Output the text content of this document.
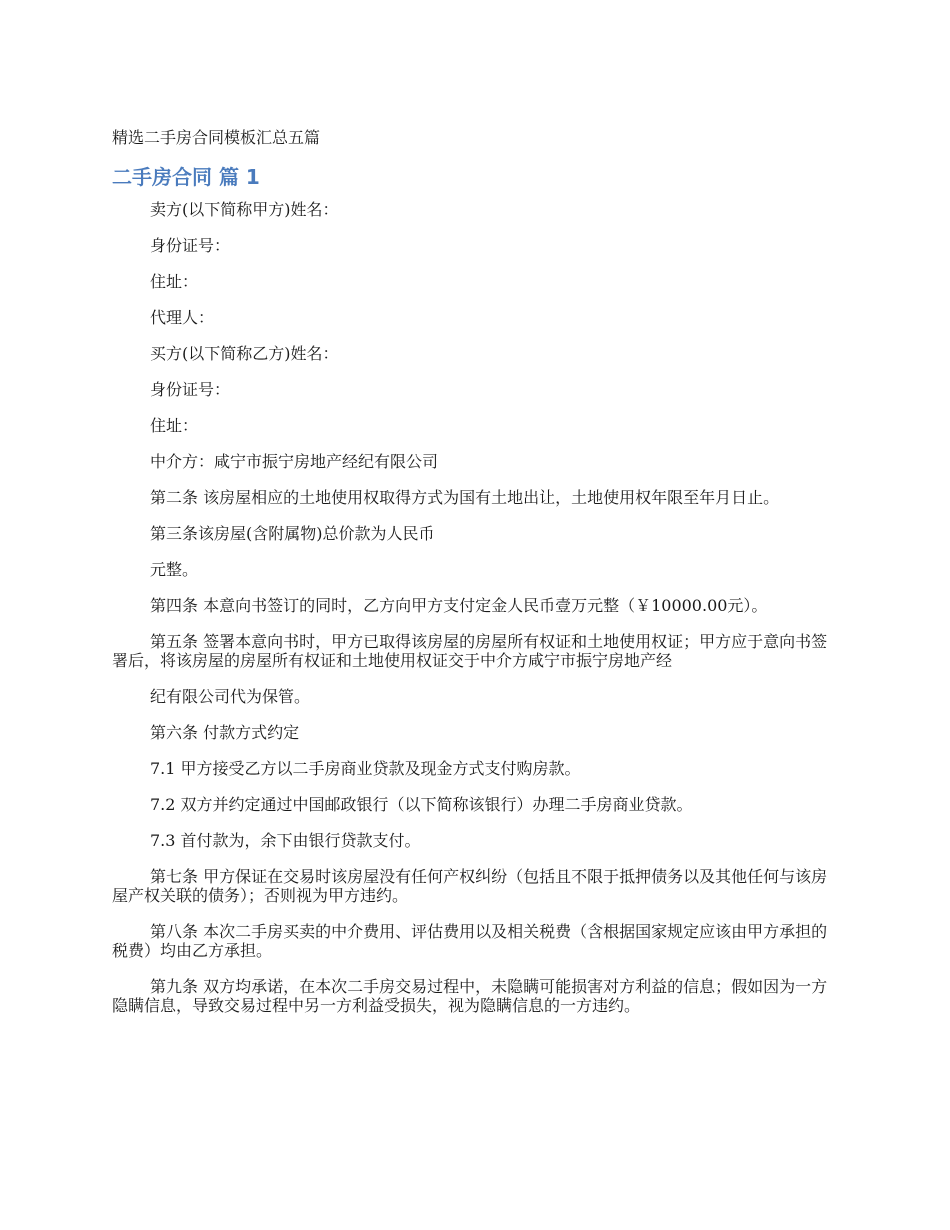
精选二手房合同模板汇总五篇
二手房合同 篇 1

卖方(以下简称甲方)姓名：

身份证号：

住址：

代理人：

买方(以下简称乙方)姓名：

身份证号：

住址：

中介方：咸宁市振宁房地产经纪有限公司

第二条 该房屋相应的土地使用权取得方式为国有土地出让，土地使用权年限至年月日止。

第三条该房屋(含附属物)总价款为人民币

元整。

第四条 本意向书签订的同时，乙方向甲方支付定金人民币壹万元整（￥10000.00元）。

第五条 签署本意向书时，甲方已取得该房屋的房屋所有权证和土地使用权证；甲方应于意向书签署后，将该房屋的房屋所有权证和土地使用权证交于中介方咸宁市振宁房地产经

纪有限公司代为保管。

第六条 付款方式约定

7.1 甲方接受乙方以二手房商业贷款及现金方式支付购房款。

7.2 双方并约定通过中国邮政银行（以下简称该银行）办理二手房商业贷款。

7.3 首付款为，余下由银行贷款支付。

第七条 甲方保证在交易时该房屋没有任何产权纠纷（包括且不限于抵押债务以及其他任何与该房屋产权关联的债务）；否则视为甲方违约。

第八条 本次二手房买卖的中介费用、评估费用以及相关税费（含根据国家规定应该由甲方承担的税费）均由乙方承担。

第九条 双方均承诺，在本次二手房交易过程中，未隐瞒可能损害对方利益的信息；假如因为一方隐瞒信息，导致交易过程中另一方利益受损失，视为隐瞒信息的一方违约。
